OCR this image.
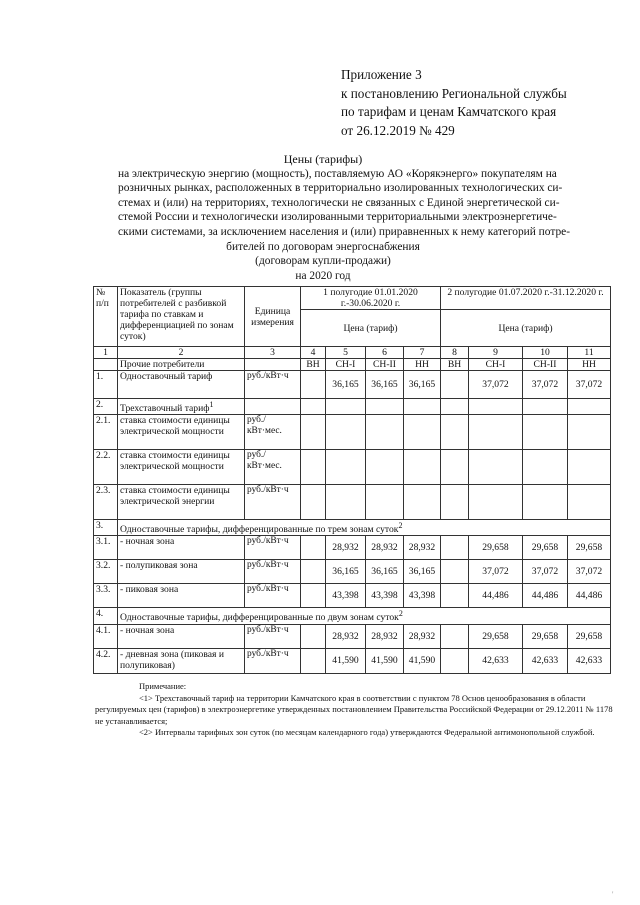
Приложение 3
к постановлению Региональной службы
по тарифам и ценам Камчатского края
от 26.12.2019 № 429
Цены (тарифы)
на электрическую энергию (мощность), поставляемую АО «Корякэнерго» покупателям на
розничных рынках, расположенных в территориально изолированных технологических си-
стемах и (или) на территориях, технологически не связанных с Единой энергетической си-
стемой России и технологически изолированными территориальными электроэнергетиче-
скими системами, за исключением населения и (или) приравненных к нему категорий потре-
бителей по договорам энергоснабжения
(договорам купли-продажи)
на 2020 год
№ п/п	Показатель (группы потребителей с разбивкой тарифа по ставкам и дифференциацией по зонам суток)	Единица измерения	1 полугодие 01.01.2020 г.-30.06.2020 г.				2 полугодие 01.07.2020 г.-31.12.2020 г.			
			Цена (тариф)				Цена (тариф)			
1	2	3	4	5	6	7	8	9	10	11
	Прочие потребители		ВН	СН-I	СН-II	НН	ВН	СН-I	СН-II	НН
1.	Одноставочный тариф	руб./кВт·ч		36,165	36,165	36,165		37,072	37,072	37,072
2.	Трехставочный тариф$^1$									
2.1.	ставка стоимости единицы электрической мощности	руб./кВт·мес.								
2.2.	ставка стоимости единицы электрической мощности	руб./кВт·мес.								
2.3.	ставка стоимости единицы электрической энергии	руб./кВт·ч								
3.	Одноставочные тарифы, дифференцированные по трем зонам суток$^2$
3.1.	- ночная зона	руб./кВт·ч		28,932	28,932	28,932		29,658	29,658	29,658
3.2.	- полупиковая зона	руб./кВт·ч		36,165	36,165	36,165		37,072	37,072	37,072
3.3.	- пиковая зона	руб./кВт·ч		43,398	43,398	43,398		44,486	44,486	44,486
4.	Одноставочные тарифы, дифференцированные по двум зонам суток$^2$
4.1.	- ночная зона	руб./кВт·ч		28,932	28,932	28,932		29,658	29,658	29,658
4.2.	- дневная зона (пиковая и полупиковая)	руб./кВт·ч		41,590	41,590	41,590		42,633	42,633	42,633
Примечание:
<1> Трехставочный тариф на территории Камчатского края в соответствии с пунктом 78 Основ ценообразования в области регулируемых цен (тарифов) в электроэнергетике утвержденных постановлением Правительства Российской Федерации от 29.12.2011 № 1178 не устанавливается;
<2> Интервалы тарифных зон суток (по месяцам календарного года) утверждаются Федеральной антимонопольной службой.
'
